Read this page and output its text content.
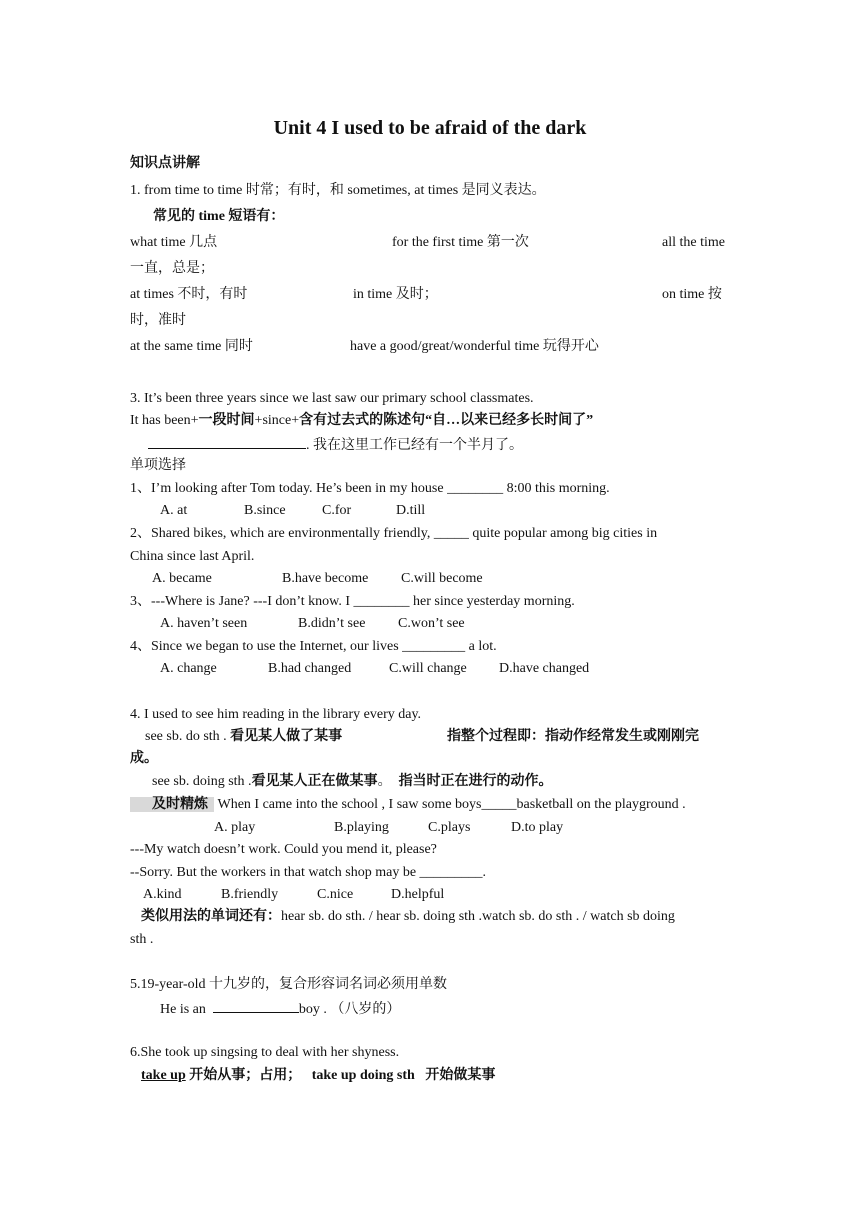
Unit 4 I used to be afraid of the dark
知识点讲解
1. from time to time 时常；有时，和 sometimes, at times 是同义表达。
常见的 time 短语有：
what time 几点	for the first time 第一次	all the time
一直，总是；
at times 不时，有时	in time 及时；	on time 按
时，准时
at the same time 同时	have a good/great/wonderful time 玩得开心
3. It’s been three years since we last saw our primary school classmates.
It has been+一段时间+since+含有过去式的陈述句“自…以来已经多长时间了”
. 我在这里工作已经有一个半月了。
单项选择
1、I’m looking after Tom today. He’s been in my house ________ 8:00 this morning.
A. at	B.since	C.for	D.till
2、Shared bikes, which are environmentally friendly, _____ quite popular among big cities in
China since last April.
A. became	B.have become C.will become
3、---Where is Jane? ---I don’t know. I ________ her since yesterday morning.
A. haven’t seen	B.didn’t see C.won’t see
4、Since we began to use the Internet, our lives _________ a lot.
A. change	B.had changed	C.will change D.have changed
4. I used to see him reading in the library every day.
see sb. do sth . 看见某人做了某事	指整个过程即：指动作经常发生或刚刚完
成。
see sb. doing sth .看见某人正在做某事。 指当时正在进行的动作。
及时精炼 When I came into the school , I saw some boys_____basketball on the playground .
A. play	B.playing	C.plays	D.to play
---My watch doesn’t work. Could you mend it, please?
--Sorry. But the workers in that watch shop may be _________.
A.kind	B.friendly	C.nice	D.helpful
类似用法的单词还有：hear sb. do sth. / hear sb. doing sth .watch sb. do sth . / watch sb doing
sth .
5.19-year-old 十九岁的，复合形容词名词必须用单数
He is an	boy . （八岁的）
6.She took up singsing to deal with her shyness.
take up 开始从事；占用； take up doing sth 开始做某事
